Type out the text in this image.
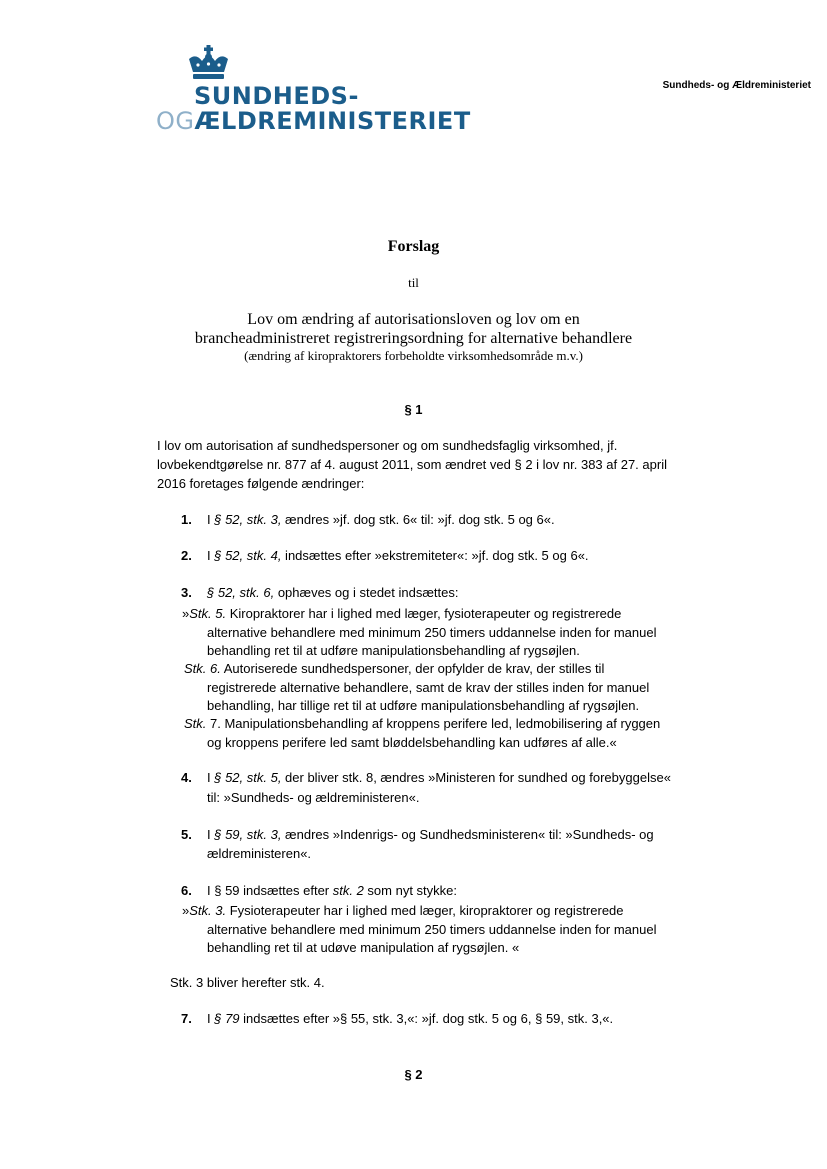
SUNDHEDS-
OGÆLDREMINISTERIET
Sundheds- og Ældreministeriet
Forslag
til
Lov om ændring af autorisationsloven og lov om en
brancheadministreret registreringsordning for alternative behandlere
(ændring af kiropraktorers forbeholdte virksomhedsområde m.v.)
§ 1
I lov om autorisation af sundhedspersoner og om sundhedsfaglig virksomhed, jf.
lovbekendtgørelse nr. 877 af 4. august 2011, som ændret ved § 2 i lov nr. 383 af 27. april
2016 foretages følgende ændringer:
1. I § 52, stk. 3, ændres »jf. dog stk. 6« til: »jf. dog stk. 5 og 6«.
2. I § 52, stk. 4, indsættes efter »ekstremiteter«: »jf. dog stk. 5 og 6«.
3. § 52, stk. 6, ophæves og i stedet indsættes:
»Stk. 5. Kiropraktorer har i lighed med læger, fysioterapeuter og registrerede
alternative behandlere med minimum 250 timers uddannelse inden for manuel
behandling ret til at udføre manipulationsbehandling af rygsøjlen.
Stk. 6. Autoriserede sundhedspersoner, der opfylder de krav, der stilles til
registrerede alternative behandlere, samt de krav der stilles inden for manuel
behandling, har tillige ret til at udføre manipulationsbehandling af rygsøjlen.
Stk. 7. Manipulationsbehandling af kroppens perifere led, ledmobilisering af ryggen
og kroppens perifere led samt bløddelsbehandling kan udføres af alle.«
4. I § 52, stk. 5, der bliver stk. 8, ændres »Ministeren for sundhed og forebyggelse«
til: »Sundheds- og ældreministeren«.
5. I § 59, stk. 3, ændres »Indenrigs- og Sundhedsministeren« til: »Sundheds- og
ældreministeren«.
6. I § 59 indsættes efter stk. 2 som nyt stykke:
»Stk. 3. Fysioterapeuter har i lighed med læger, kiropraktorer og registrerede
alternative behandlere med minimum 250 timers uddannelse inden for manuel
behandling ret til at udøve manipulation af rygsøjlen. «
Stk. 3 bliver herefter stk. 4.
7. I § 79 indsættes efter »§ 55, stk. 3,«: »jf. dog stk. 5 og 6, § 59, stk. 3,«.
§ 2
